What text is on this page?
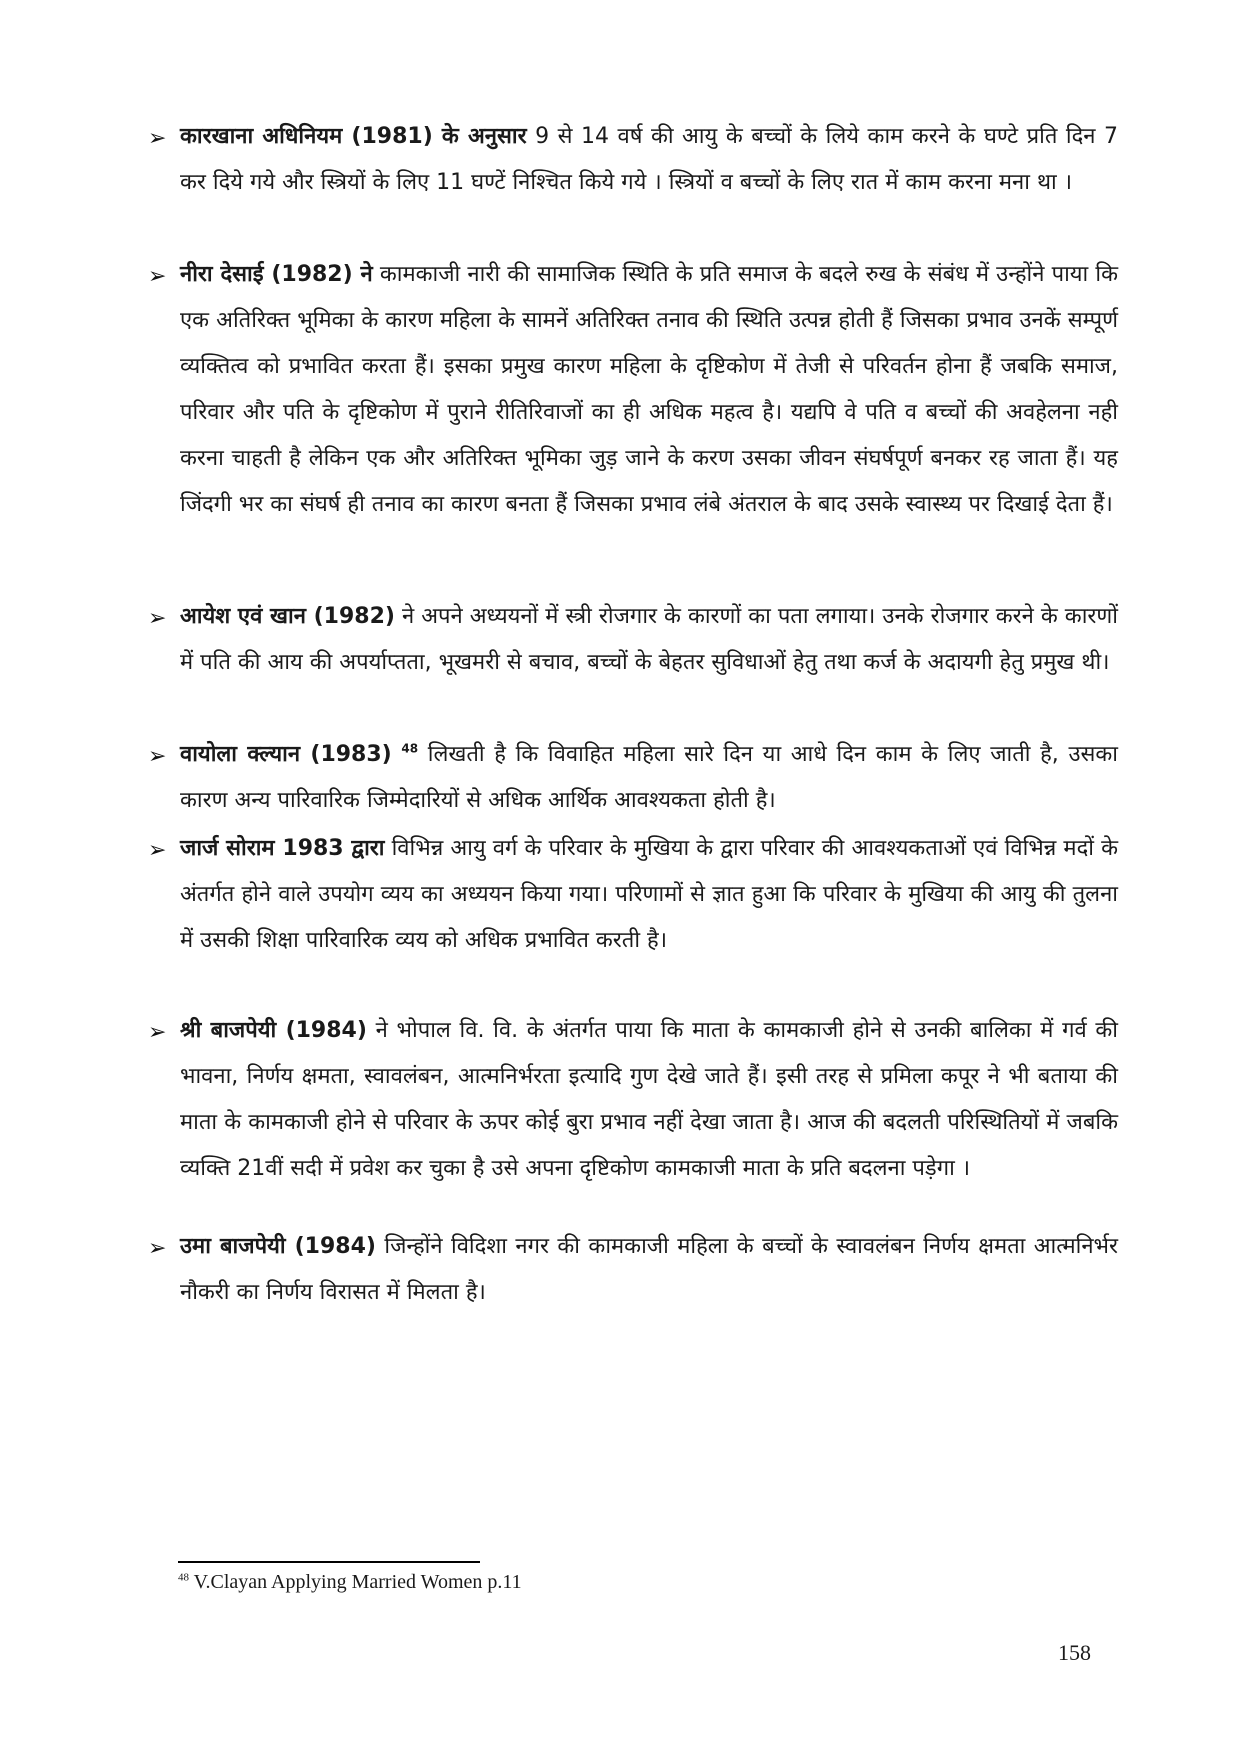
➢ कारखाना अधिनियम (1981) के अनुसार 9 से 14 वर्ष की आयु के बच्चों के लिये काम करने के घण्टे प्रति दिन 7 कर दिये गये और स्त्रियों के लिए 11 घण्टें निश्चित किये गये । स्त्रियों व बच्चों के लिए रात में काम करना मना था ।
➢ नीरा देसाई (1982) ने कामकाजी नारी की सामाजिक स्थिति के प्रति समाज के बदले रुख के संबंध में उन्होंने पाया कि एक अतिरिक्त भूमिका के कारण महिला के सामनें अतिरिक्त तनाव की स्थिति उत्पन्न होती हैं जिसका प्रभाव उनकें सम्पूर्ण व्यक्तित्व को प्रभावित करता हैं। इसका प्रमुख कारण महिला के दृष्टिकोण में तेजी से परिवर्तन होना हैं जबकि समाज, परिवार और पति के दृष्टिकोण में पुराने रीतिरिवाजों का ही अधिक महत्व है। यद्यपि वे पति व बच्चों की अवहेलना नही करना चाहती है लेकिन एक और अतिरिक्त भूमिका जुड़ जाने के करण उसका जीवन संघर्षपूर्ण बनकर रह जाता हैं। यह जिंदगी भर का संघर्ष ही तनाव का कारण बनता हैं जिसका प्रभाव लंबे अंतराल के बाद उसके स्वास्थ्य पर दिखाई देता हैं।
➢ आयेश एवं खान (1982) ने अपने अध्ययनों में स्त्री रोजगार के कारणों का पता लगाया। उनके रोजगार करने के कारणों में पति की आय की अपर्याप्तता, भूखमरी से बचाव, बच्चों के बेहतर सुविधाओं हेतु तथा कर्ज के अदायगी हेतु प्रमुख थी।
➢ वायोला क्ल्यान (1983) $^{48}$ लिखती है कि विवाहित महिला सारे दिन या आधे दिन काम के लिए जाती है, उसका कारण अन्य पारिवारिक जिम्मेदारियों से अधिक आर्थिक आवश्यकता होती है।
➢ जार्ज सोराम 1983 द्वारा विभिन्न आयु वर्ग के परिवार के मुखिया के द्वारा परिवार की आवश्यकताओं एवं विभिन्न मदों के अंतर्गत होने वाले उपयोग व्यय का अध्ययन किया गया। परिणामों से ज्ञात हुआ कि परिवार के मुखिया की आयु की तुलना में उसकी शिक्षा पारिवारिक व्यय को अधिक प्रभावित करती है।
➢ श्री बाजपेयी (1984) ने भोपाल वि. वि. के अंतर्गत पाया कि माता के कामकाजी होने से उनकी बालिका में गर्व की भावना, निर्णय क्षमता, स्वावलंबन, आत्मनिर्भरता इत्यादि गुण देखे जाते हैं। इसी तरह से प्रमिला कपूर ने भी बताया की माता के कामकाजी होने से परिवार के ऊपर कोई बुरा प्रभाव नहीं देखा जाता है। आज की बदलती परिस्थितियों में जबकि व्यक्ति 21वीं सदी में प्रवेश कर चुका है उसे अपना दृष्टिकोण कामकाजी माता के प्रति बदलना पड़ेगा ।
➢ उमा बाजपेयी (1984) जिन्होंने विदिशा नगर की कामकाजी महिला के बच्चों के स्वावलंबन निर्णय क्षमता आत्मनिर्भर नौकरी का निर्णय विरासत में मिलता है।
$^{48}$ V.Clayan Applying Married Women p.11
158
